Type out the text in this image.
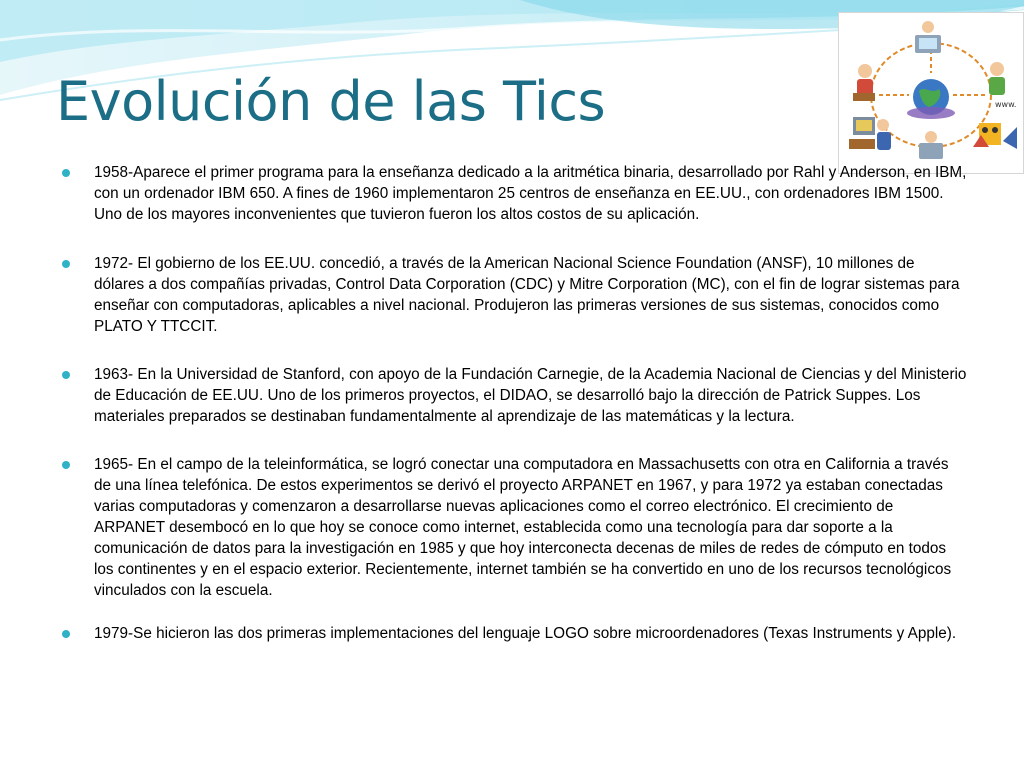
Evolución de las Tics	www.
1958-Aparece el primer programa para la enseñanza dedicado a la aritmética binaria, desarrollado por Rahl y Anderson, en IBM, con un ordenador IBM 650. A fines de 1960 implementaron 25 centros de enseñanza en EE.UU., con ordenadores IBM 1500. Uno de los mayores inconvenientes que tuvieron fueron los altos costos de su aplicación.
1972- El gobierno de los EE.UU. concedió, a través de la American Nacional Science Foundation (ANSF), 10 millones de dólares a dos compañías privadas, Control Data Corporation (CDC) y Mitre Corporation (MC), con el fin de lograr sistemas para enseñar con computadoras, aplicables a nivel nacional. Produjeron las primeras versiones de sus sistemas, conocidos como PLATO Y TTCCIT.
1963- En la Universidad de Stanford, con apoyo de la Fundación Carnegie, de la Academia Nacional de Ciencias y del Ministerio de Educación de EE.UU. Uno de los primeros proyectos, el DIDAO, se desarrolló bajo la dirección de Patrick Suppes. Los materiales preparados se destinaban fundamentalmente al aprendizaje de las matemáticas y la lectura.
1965- En el campo de la teleinformática, se logró conectar una computadora en Massachusetts con otra en California a través de una línea telefónica. De estos experimentos se derivó el proyecto ARPANET en 1967, y para 1972 ya estaban conectadas varias computadoras y comenzaron a desarrollarse nuevas aplicaciones como el correo electrónico. El crecimiento de ARPANET desembocó en lo que hoy se conoce como internet, establecida como una tecnología para dar soporte a la comunicación de datos para la investigación en 1985 y que hoy interconecta decenas de miles de redes de cómputo en todos los continentes y en el espacio exterior. Recientemente, internet también se ha convertido en uno de los recursos tecnológicos vinculados con la escuela.
1979-Se hicieron las dos primeras implementaciones del lenguaje LOGO sobre microordenadores (Texas Instruments y Apple).
